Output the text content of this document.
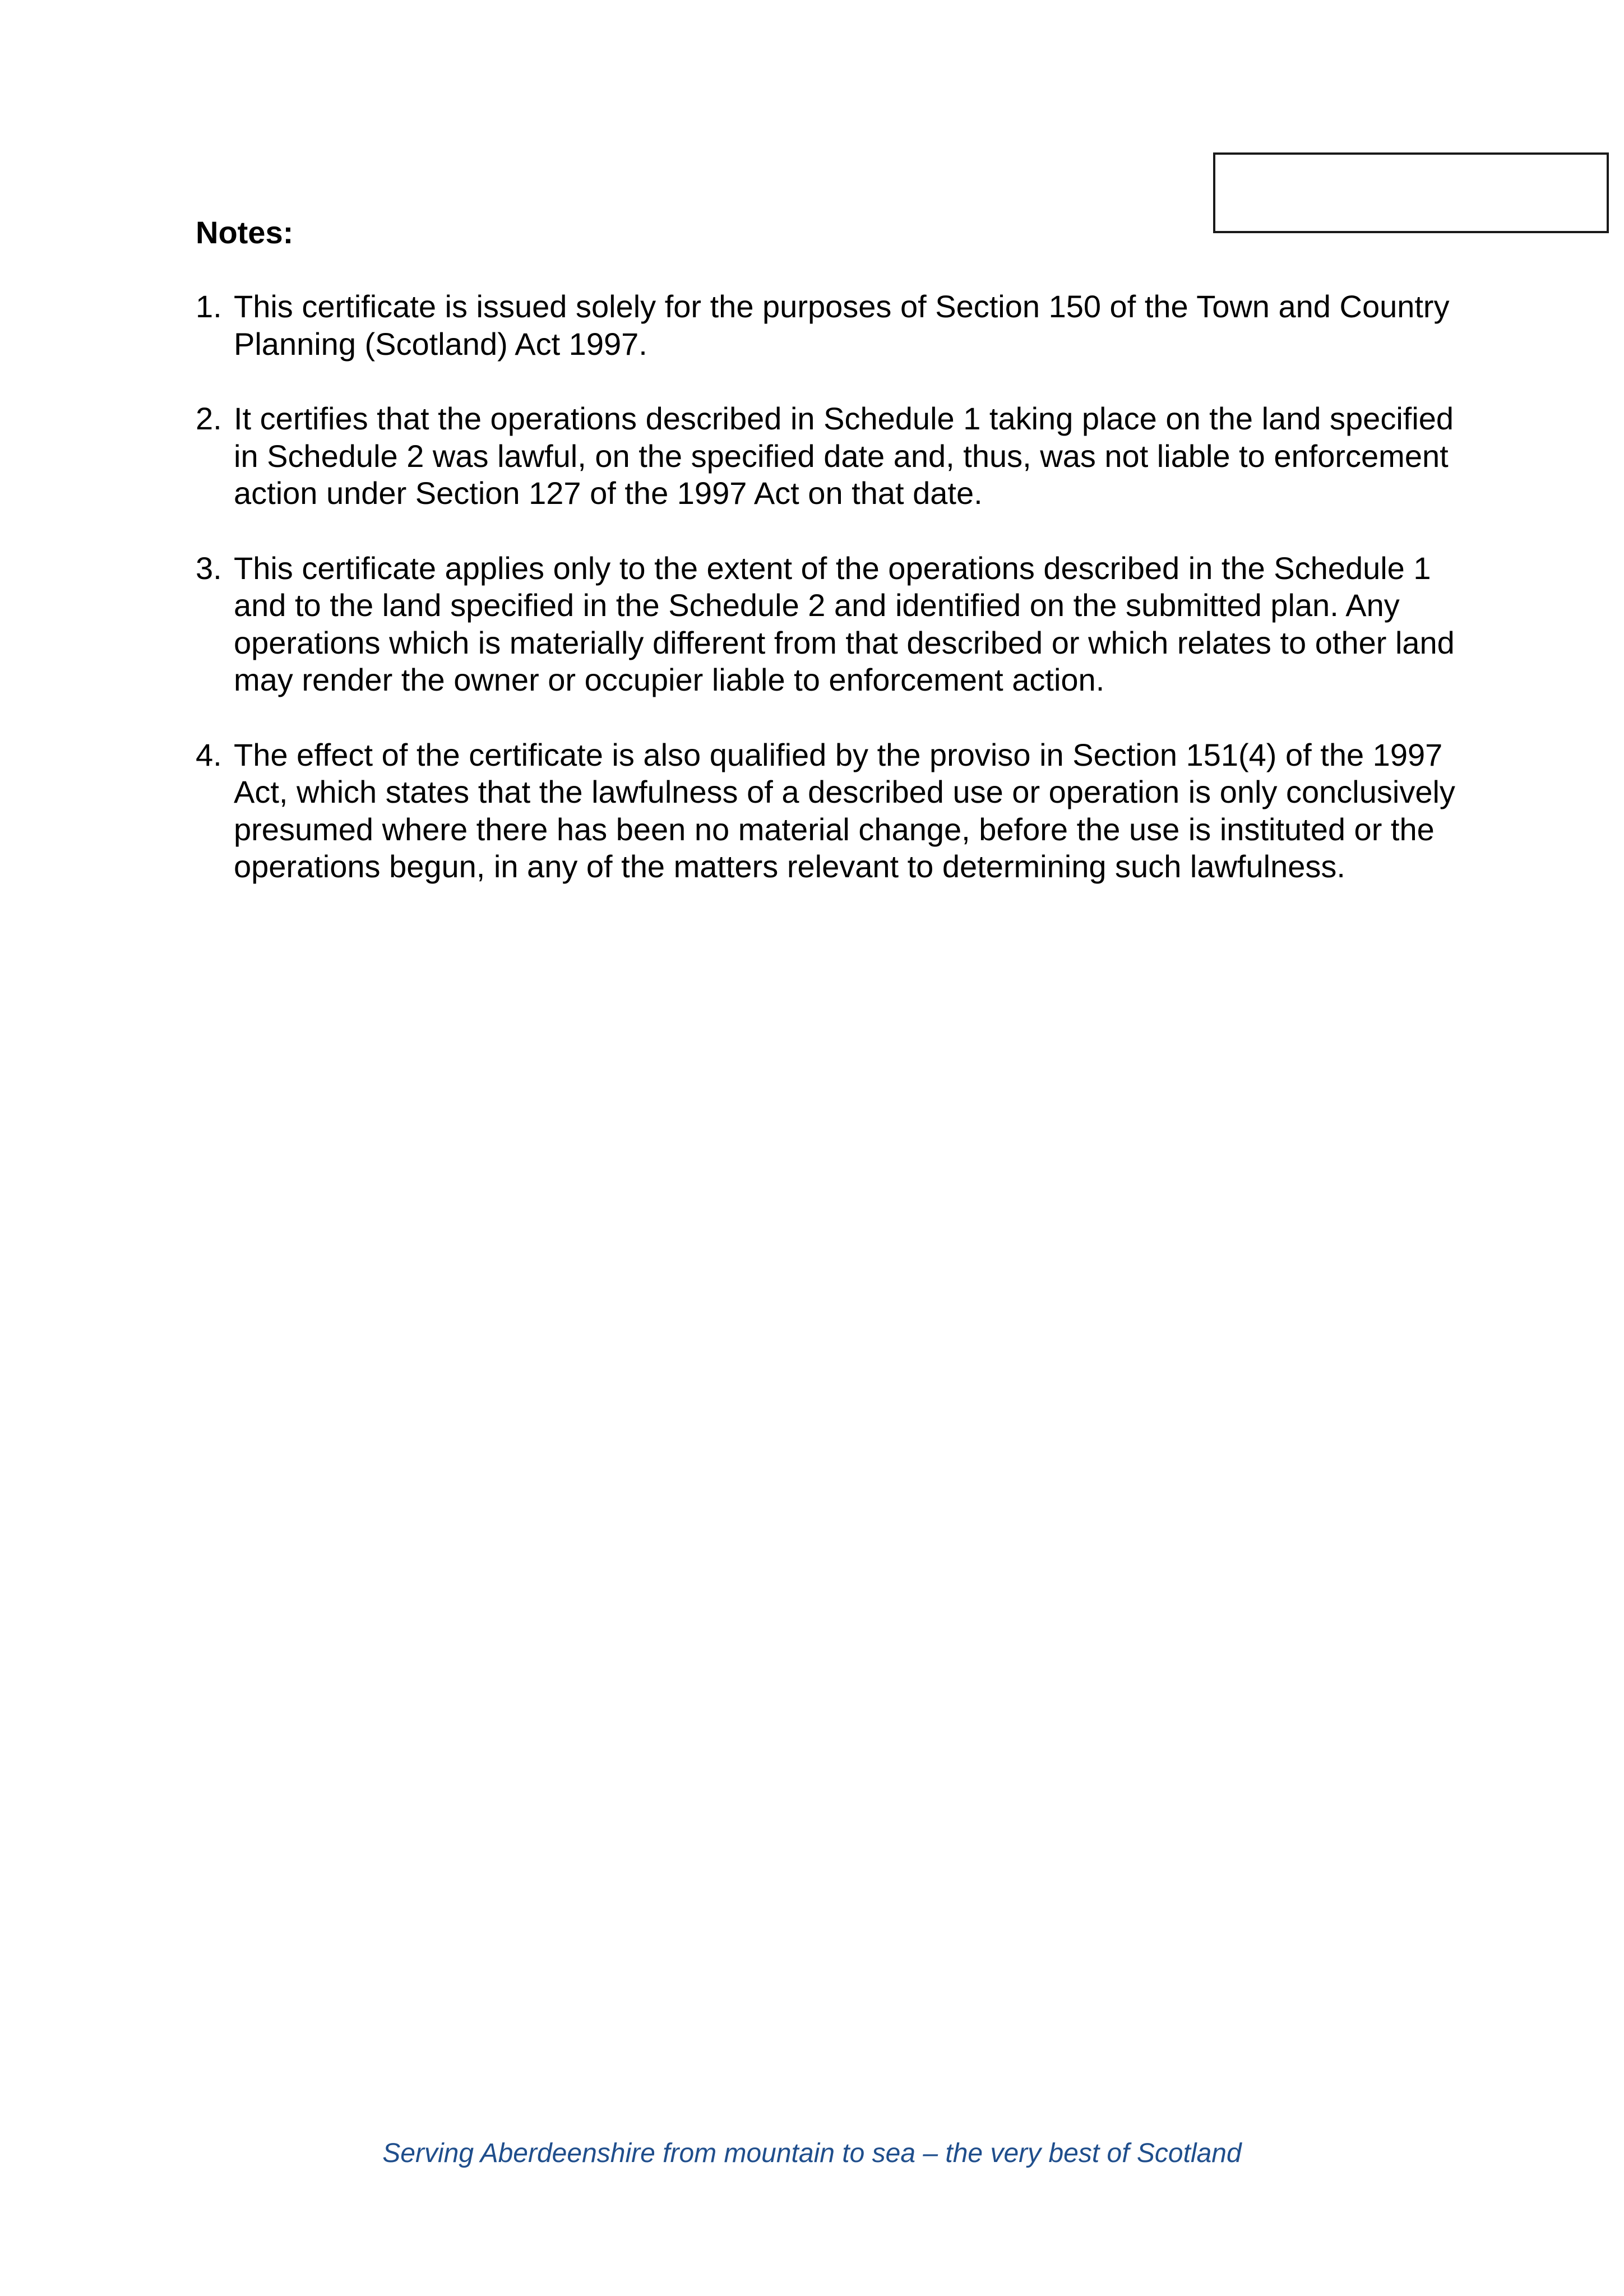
Notes:
1. This certificate is issued solely for the purposes of Section 150 of the Town and Country Planning (Scotland) Act 1997.
2. It certifies that the operations described in Schedule 1 taking place on the land specified in Schedule 2 was lawful, on the specified date and, thus, was not liable to enforcement action under Section 127 of the 1997 Act on that date.
3. This certificate applies only to the extent of the operations described in the Schedule 1 and to the land specified in the Schedule 2 and identified on the submitted plan. Any operations which is materially different from that described or which relates to other land may render the owner or occupier liable to enforcement action.
4. The effect of the certificate is also qualified by the proviso in Section 151(4) of the 1997 Act, which states that the lawfulness of a described use or operation is only conclusively presumed where there has been no material change, before the use is instituted or the operations begun, in any of the matters relevant to determining such lawfulness.
Serving Aberdeenshire from mountain to sea – the very best of Scotland
